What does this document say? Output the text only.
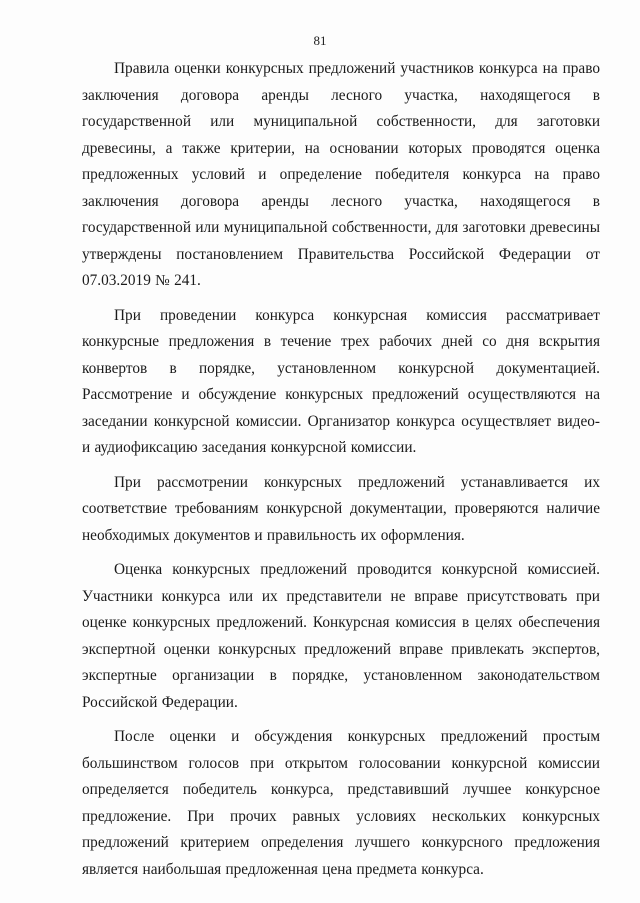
81

Правила оценки конкурсных предложений участников конкурса на право заключения договора аренды лесного участка, находящегося в государственной или муниципальной собственности, для заготовки древесины, а также критерии, на основании которых проводятся оценка предложенных условий и определение победителя конкурса на право заключения договора аренды лесного участка, находящегося в государственной или муниципальной собственности, для заготовки древесины утверждены постановлением Правительства Российской Федерации от 07.03.2019 № 241.

При проведении конкурса конкурсная комиссия рассматривает конкурсные предложения в течение трех рабочих дней со дня вскрытия конвертов в порядке, установленном конкурсной документацией. Рассмотрение и обсуждение конкурсных предложений осуществляются на заседании конкурсной комиссии. Организатор конкурса осуществляет видео- и аудиофиксацию заседания конкурсной комиссии.

При рассмотрении конкурсных предложений устанавливается их соответствие требованиям конкурсной документации, проверяются наличие необходимых документов и правильность их оформления.

Оценка конкурсных предложений проводится конкурсной комиссией. Участники конкурса или их представители не вправе присутствовать при оценке конкурсных предложений. Конкурсная комиссия в целях обеспечения экспертной оценки конкурсных предложений вправе привлекать экспертов, экспертные организации в порядке, установленном законодательством Российской Федерации.

После оценки и обсуждения конкурсных предложений простым большинством голосов при открытом голосовании конкурсной комиссии определяется победитель конкурса, представивший лучшее конкурсное предложение. При прочих равных условиях нескольких конкурсных предложений критерием определения лучшего конкурсного предложения является наибольшая предложенная цена предмета конкурса.
